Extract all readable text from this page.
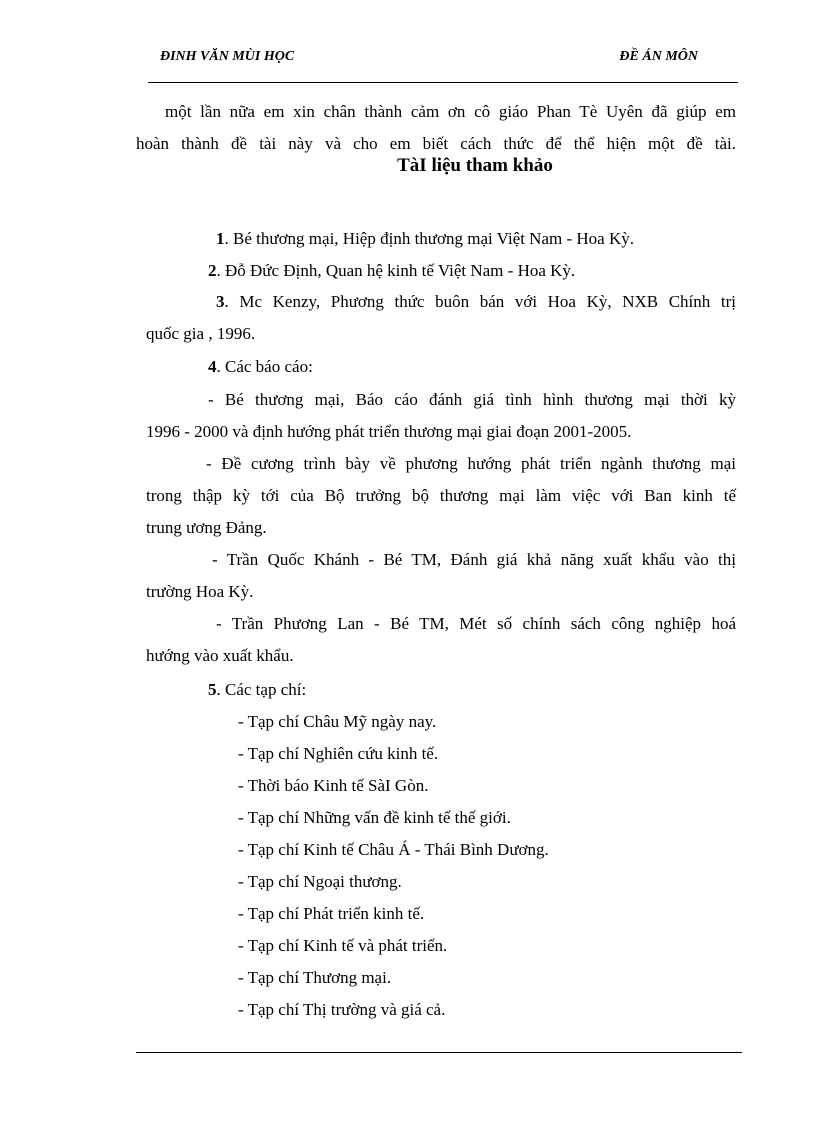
ĐINH VĂN MÙI HỌC	ĐỀ ÁN MÔN
một lần nữa em xin chân thành cảm ơn cô giáo Phan Tè Uyên đã giúp em
hoàn thành đề tài này và cho em biết cách thức để thể hiện một đề tài.
TàI liệu tham khảo
1. Bé thương mại, Hiệp định thương mại Việt Nam - Hoa Kỳ.
2. Đỗ Đức Định, Quan hệ kinh tế Việt Nam - Hoa Kỳ.
3. Mc Kenzy, Phương thức buôn bán với Hoa Kỳ, NXB Chính trị
quốc gia , 1996.
4. Các báo cáo:
- Bé thương mại, Báo cáo đánh giá tình hình thương mại thời kỳ
1996 - 2000 và định hướng phát triển thương mại giai đoạn 2001-2005.
- Đề cương trình bày về phương hướng phát triển ngành thương mại
trong thập kỳ tới của Bộ trưởng bộ thương mại làm việc với Ban kinh tế
trung ương Đảng.
- Trần Quốc Khánh - Bé TM, Đánh giá khả năng xuất khẩu vào thị
trường Hoa Kỳ.
- Trần Phương Lan - Bé TM, Mét số chính sách công nghiệp hoá
hướng vào xuất khẩu.
5. Các tạp chí:
- Tạp chí Châu Mỹ ngày nay.
- Tạp chí Nghiên cứu kinh tế.
- Thời báo Kinh tế SàI Gòn.
- Tạp chí Những vấn đề kinh tế thế giới.
- Tạp chí Kinh tế Châu Á - Thái Bình Dương.
- Tạp chí Ngoại thương.
- Tạp chí Phát triển kinh tế.
- Tạp chí Kinh tế và phát triển.
- Tạp chí Thương mại.
- Tạp chí Thị trường và giá cả.
